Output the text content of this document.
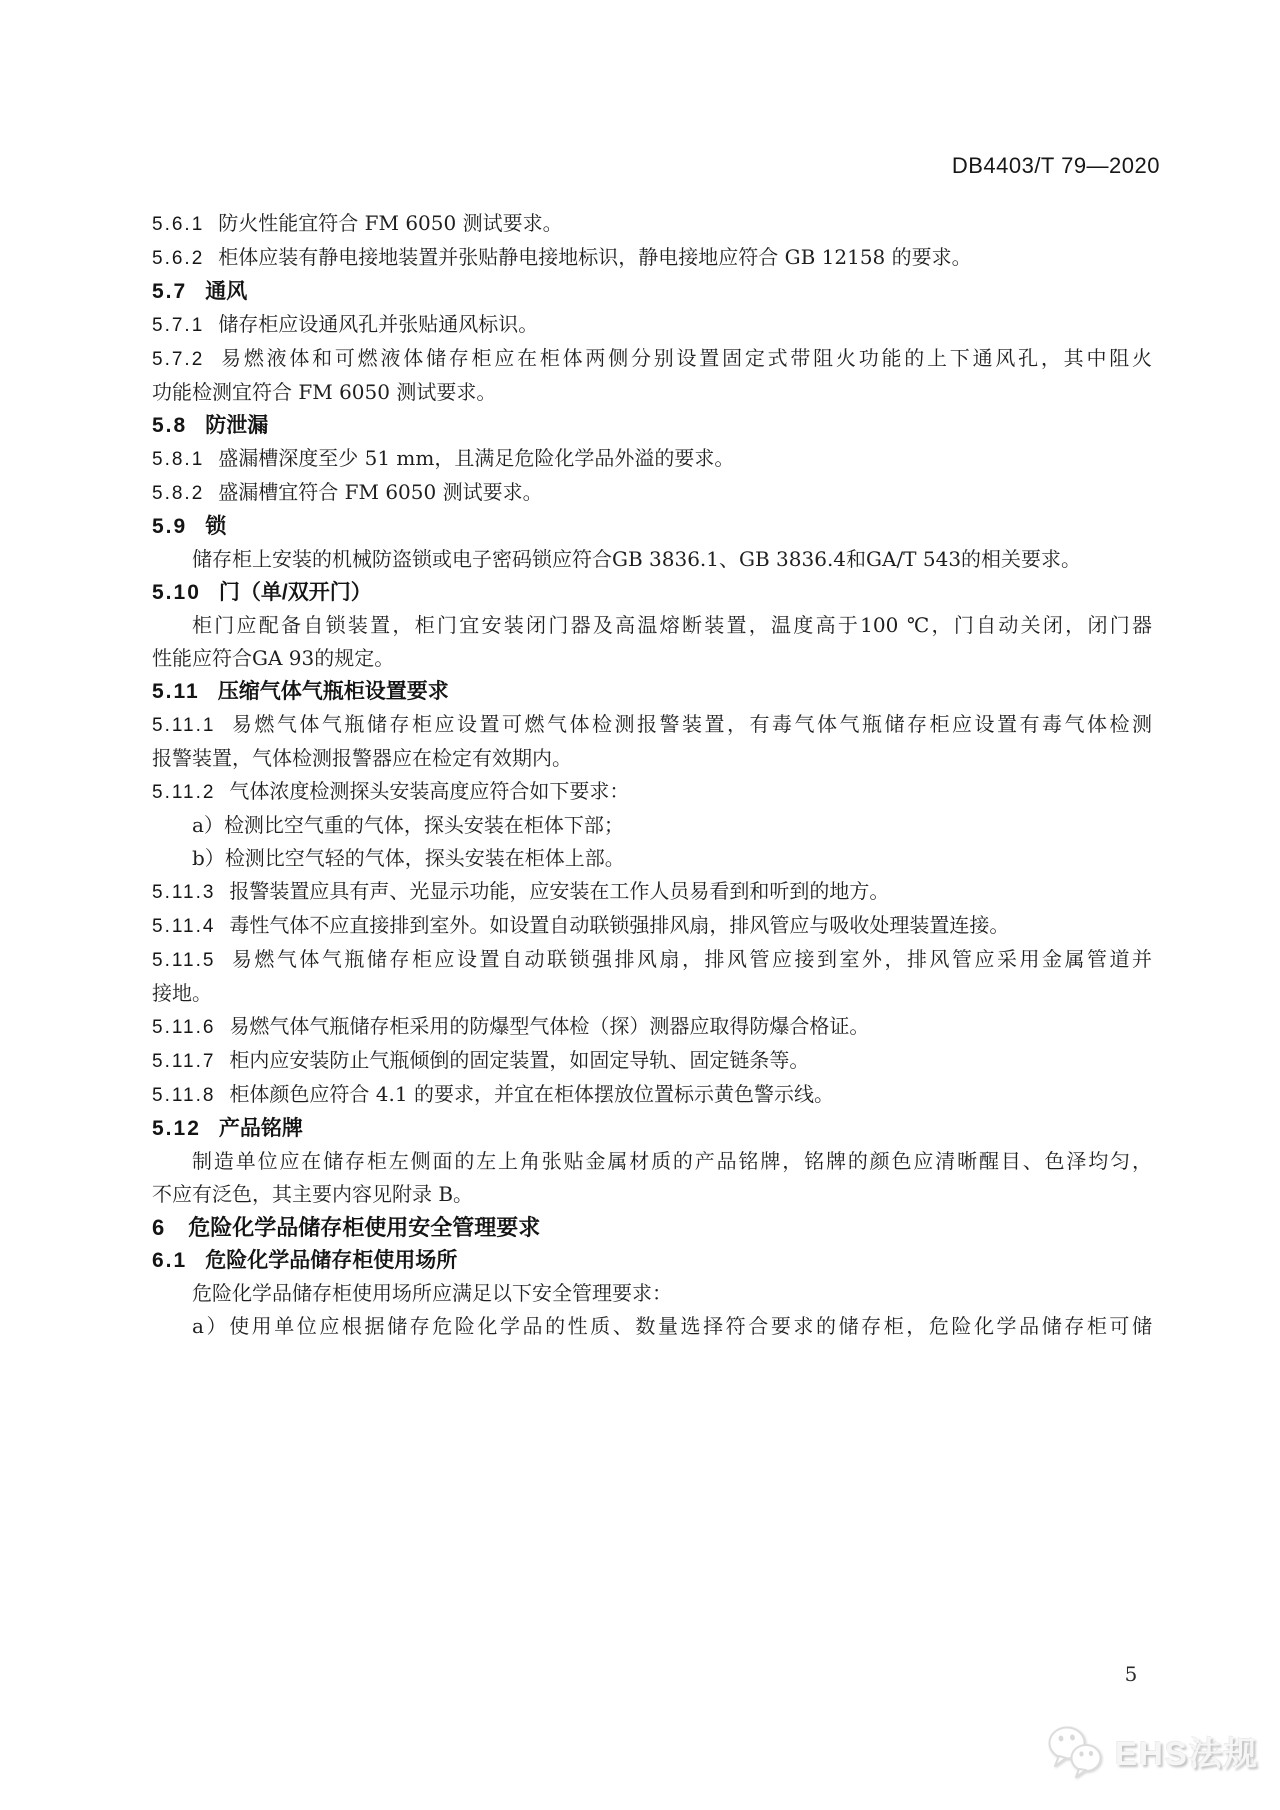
DB4403/T 79—2020
5.6.1 防火性能宜符合 FM 6050 测试要求。
5.6.2 柜体应装有静电接地装置并张贴静电接地标识，静电接地应符合 GB 12158 的要求。
5.7 通风
5.7.1 储存柜应设通风孔并张贴通风标识。
5.7.2 易燃液体和可燃液体储存柜应在柜体两侧分别设置固定式带阻火功能的上下通风孔，其中阻火
功能检测宜符合 FM 6050 测试要求。
5.8 防泄漏
5.8.1 盛漏槽深度至少 51 mm，且满足危险化学品外溢的要求。
5.8.2 盛漏槽宜符合 FM 6050 测试要求。
5.9 锁
储存柜上安装的机械防盗锁或电子密码锁应符合GB 3836.1、GB 3836.4和GA/T 543的相关要求。
5.10 门（单/双开门）
柜门应配备自锁装置，柜门宜安装闭门器及高温熔断装置，温度高于100 ℃，门自动关闭，闭门器
性能应符合GA 93的规定。
5.11 压缩气体气瓶柜设置要求
5.11.1 易燃气体气瓶储存柜应设置可燃气体检测报警装置，有毒气体气瓶储存柜应设置有毒气体检测
报警装置，气体检测报警器应在检定有效期内。
5.11.2 气体浓度检测探头安装高度应符合如下要求：
a）检测比空气重的气体，探头安装在柜体下部；
b）检测比空气轻的气体，探头安装在柜体上部。
5.11.3 报警装置应具有声、光显示功能，应安装在工作人员易看到和听到的地方。
5.11.4 毒性气体不应直接排到室外。如设置自动联锁强排风扇，排风管应与吸收处理装置连接。
5.11.5 易燃气体气瓶储存柜应设置自动联锁强排风扇，排风管应接到室外，排风管应采用金属管道并
接地。
5.11.6 易燃气体气瓶储存柜采用的防爆型气体检（探）测器应取得防爆合格证。
5.11.7 柜内应安装防止气瓶倾倒的固定装置，如固定导轨、固定链条等。
5.11.8 柜体颜色应符合 4.1 的要求，并宜在柜体摆放位置标示黄色警示线。
5.12 产品铭牌
制造单位应在储存柜左侧面的左上角张贴金属材质的产品铭牌，铭牌的颜色应清晰醒目、色泽均匀，
不应有泛色，其主要内容见附录 B。
6 危险化学品储存柜使用安全管理要求
6.1 危险化学品储存柜使用场所
危险化学品储存柜使用场所应满足以下安全管理要求：
a）使用单位应根据储存危险化学品的性质、数量选择符合要求的储存柜，危险化学品储存柜可储
5
EHS法规
